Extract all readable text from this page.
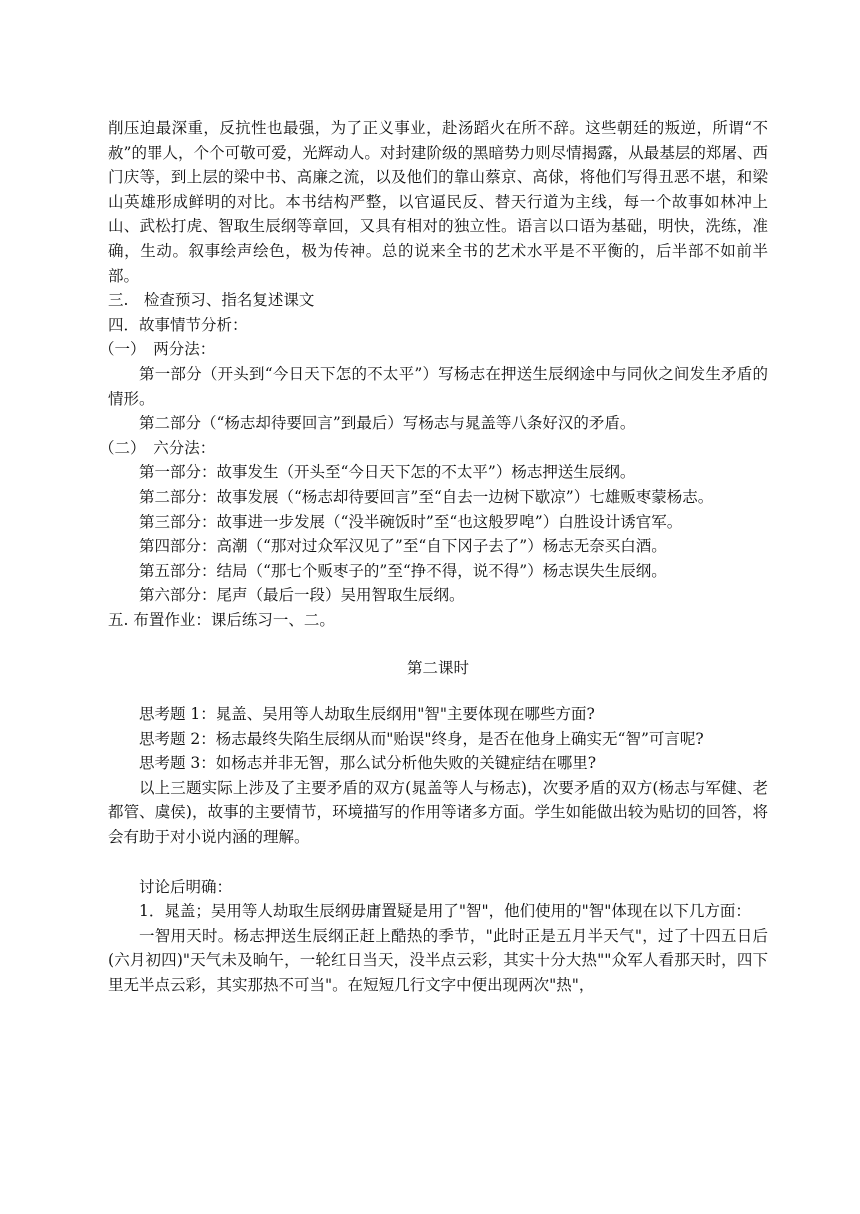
削压迫最深重，反抗性也最强，为了正义事业，赴汤蹈火在所不辞。这些朝廷的叛逆，所谓“不赦”的罪人，个个可敬可爱，光辉动人。对封建阶级的黑暗势力则尽情揭露，从最基层的郑屠、西门庆等，到上层的梁中书、高廉之流，以及他们的靠山蔡京、高俅，将他们写得丑恶不堪，和梁山英雄形成鲜明的对比。本书结构严整，以官逼民反、替天行道为主线，每一个故事如林冲上山、武松打虎、智取生辰纲等章回，又具有相对的独立性。语言以口语为基础，明快，洗练，准确，生动。叙事绘声绘色，极为传神。总的说来全书的艺术水平是不平衡的，后半部不如前半部。

三.　检查预习、指名复述课文

四．故事情节分析：

（一）　两分法：

第一部分（开头到“今日天下怎的不太平”）写杨志在押送生辰纲途中与同伙之间发生矛盾的情形。

第二部分（“杨志却待要回言”到最后）写杨志与晁盖等八条好汉的矛盾。

（二）　六分法：

第一部分：故事发生（开头至“今日天下怎的不太平”）杨志押送生辰纲。

第二部分：故事发展（“杨志却待要回言”至“自去一边树下歇凉”）七雄贩枣蒙杨志。

第三部分：故事进一步发展（“没半碗饭时”至“也这般罗唣”）白胜设计诱官军。

第四部分：高潮（“那对过众军汉见了”至“自下冈子去了”）杨志无奈买白酒。

第五部分：结局（“那七个贩枣子的”至“挣不得，说不得”）杨志误失生辰纲。

第六部分：尾声（最后一段）吴用智取生辰纲。

五. 布置作业：课后练习一、二。

第二课时

思考题 1：晁盖、吴用等人劫取生辰纲用"智"主要体现在哪些方面?

思考题 2：杨志最终失陷生辰纲从而"贻误"终身，是否在他身上确实无“智”可言呢?

思考题 3：如杨志并非无智，那么试分析他失败的关键症结在哪里?

以上三题实际上涉及了主要矛盾的双方(晁盖等人与杨志)，次要矛盾的双方(杨志与军健、老都管、虞侯)，故事的主要情节，环境描写的作用等诸多方面。学生如能做出较为贴切的回答，将会有助于对小说内涵的理解。

讨论后明确：

1．晁盖；吴用等人劫取生辰纲毋庸置疑是用了"智"，他们使用的"智"体现在以下几方面：

一智用天时。杨志押送生辰纲正赶上酷热的季节，"此时正是五月半天气"，过了十四五日后(六月初四)"天气未及晌午，一轮红日当天，没半点云彩，其实十分大热""众军人看那天时，四下里无半点云彩，其实那热不可当"。在短短几行文字中便出现两次"热"，
